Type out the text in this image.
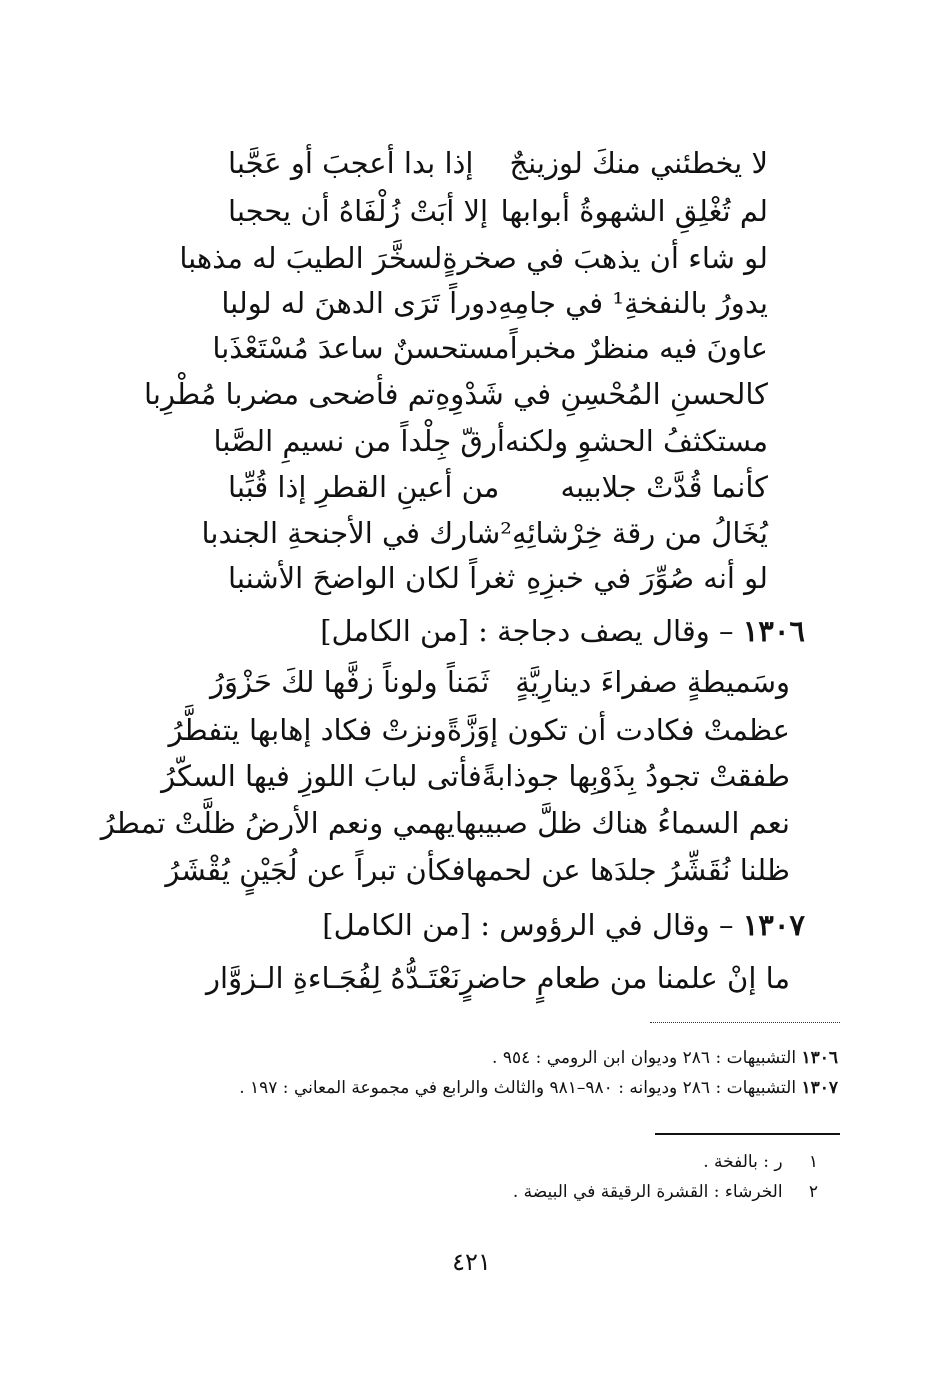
لا يخطئني منكَ لوزينجٌ
إذا بدا أعجبَ أو عَجَّبا
لم تُغْلِقِ الشهوةُ أبوابها
إلا أبَتْ زُلْفَاهُ أن يحجبا
لو شاء أن يذهبَ في صخرةٍ
لسخَّرَ الطيبَ له مذهبا
يدورُ بالنفخةِ¹ في جامِهِ
دوراً تَرَى الدهنَ له لولبا
عاونَ فيه منظرٌ مخبراً
مستحسنٌ ساعدَ مُسْتَعْذَبا
كالحسنِ المُحْسِنِ في شَدْوِهِ
تم فأضحى مضربا مُطْرِبا
مستكثفُ الحشوِ ولكنه
أرقّ جِلْداً من نسيمِ الصَّبا
كأنما قُدَّتْ جلابيبه
من أعينِ القطرِ إذا قُبِّبا
يُخَالُ من رقة خِرْشائِهِ²
شارك في الأجنحةِ الجندبا
لو أنه صُوِّرَ في خبزِهِ
ثغراً لكان الواضحَ الأشنبا
١٣٠٦ – وقال يصف دجاجة : [من الكامل]
وسَميطةٍ صفراءَ دينارِيَّةٍ
ثَمَناً ولوناً زفَّها لكَ حَزْوَرُ
عظمتْ فكادت أن تكون إوَزَّةً
ونزتْ فكاد إهابها يتفطَّرُ
طفقتْ تجودُ بِذَوْبِها جوذابةً
فأتى لبابَ اللوزِ فيها السكّرُ
نعم السماءُ هناك ظلَّ صبيبها
يهمي ونعم الأرضُ ظلَّتْ تمطرُ
ظلنا نُقَشِّرُ جلدَها عن لحمها
فكأن تبراً عن لُجَيْنٍ يُقْشَرُ
١٣٠٧ – وقال في الرؤوس : [من الكامل]
ما إنْ علمنا من طعامٍ حاضرٍ
نَعْتَـدُّهُ لِفُجَـاءةِ الـزوَّار
١٣٠٦ التشبيهات : ٢٨٦ وديوان ابن الرومي : ٩٥٤ .
١٣٠٧ التشبيهات : ٢٨٦ وديوانه : ٩٨٠–٩٨١ والثالث والرابع في مجموعة المعاني : ١٩٧ .
١ ر : بالفخة .
٢ الخرشاء : القشرة الرقيقة في البيضة .
٤٢١
